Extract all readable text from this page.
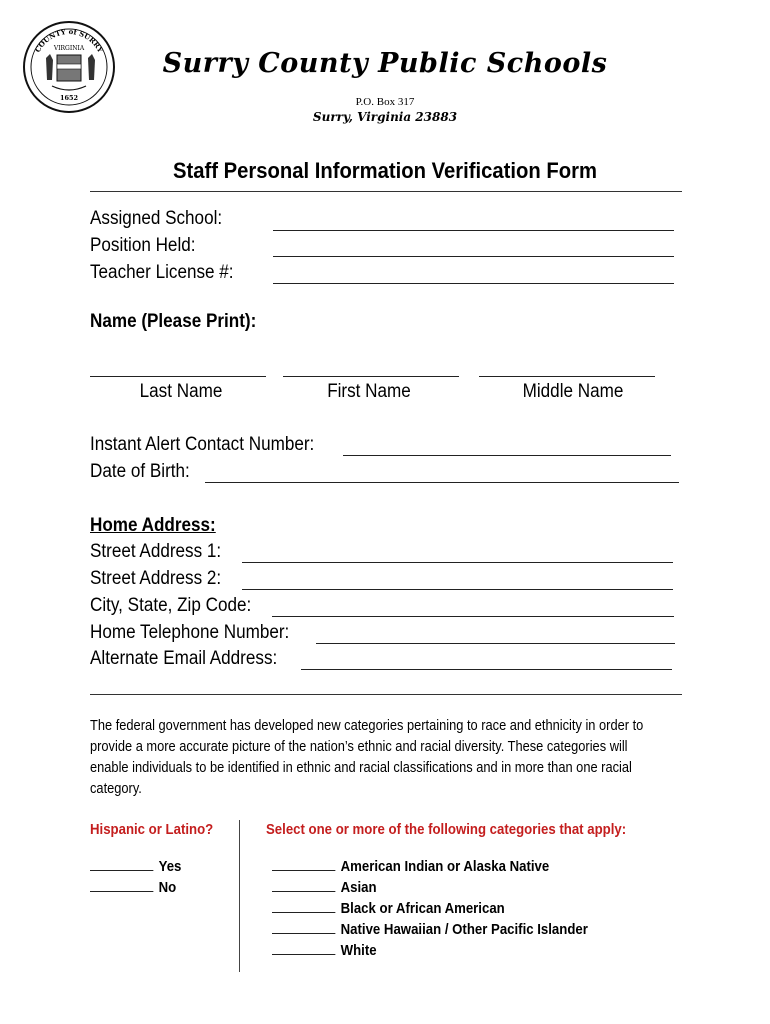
COUNTY of SURRY
VIRGINIA
1652
Surry County Public Schools
P.O. Box 317
Surry, Virginia 23883
Staff Personal Information Verification Form
Assigned School:
Position Held:
Teacher License #:
Name (Please Print):
Last Name	First Name	Middle Name
Instant Alert Contact Number:
Date of Birth:
Home Address:
Street Address 1:
Street Address 2:
City, State, Zip Code:
Home Telephone Number:
Alternate Email Address:
The federal government has developed new categories pertaining to race and ethnicity in order to provide a more accurate picture of the nation’s ethnic and racial diversity. These categories will enable individuals to be identified in ethnic and racial classifications and in more than one racial category.
Hispanic or Latino?
Yes
No
Select one or more of the following categories that apply:
American Indian or Alaska Native
Asian
Black or African American
Native Hawaiian / Other Pacific Islander
White
